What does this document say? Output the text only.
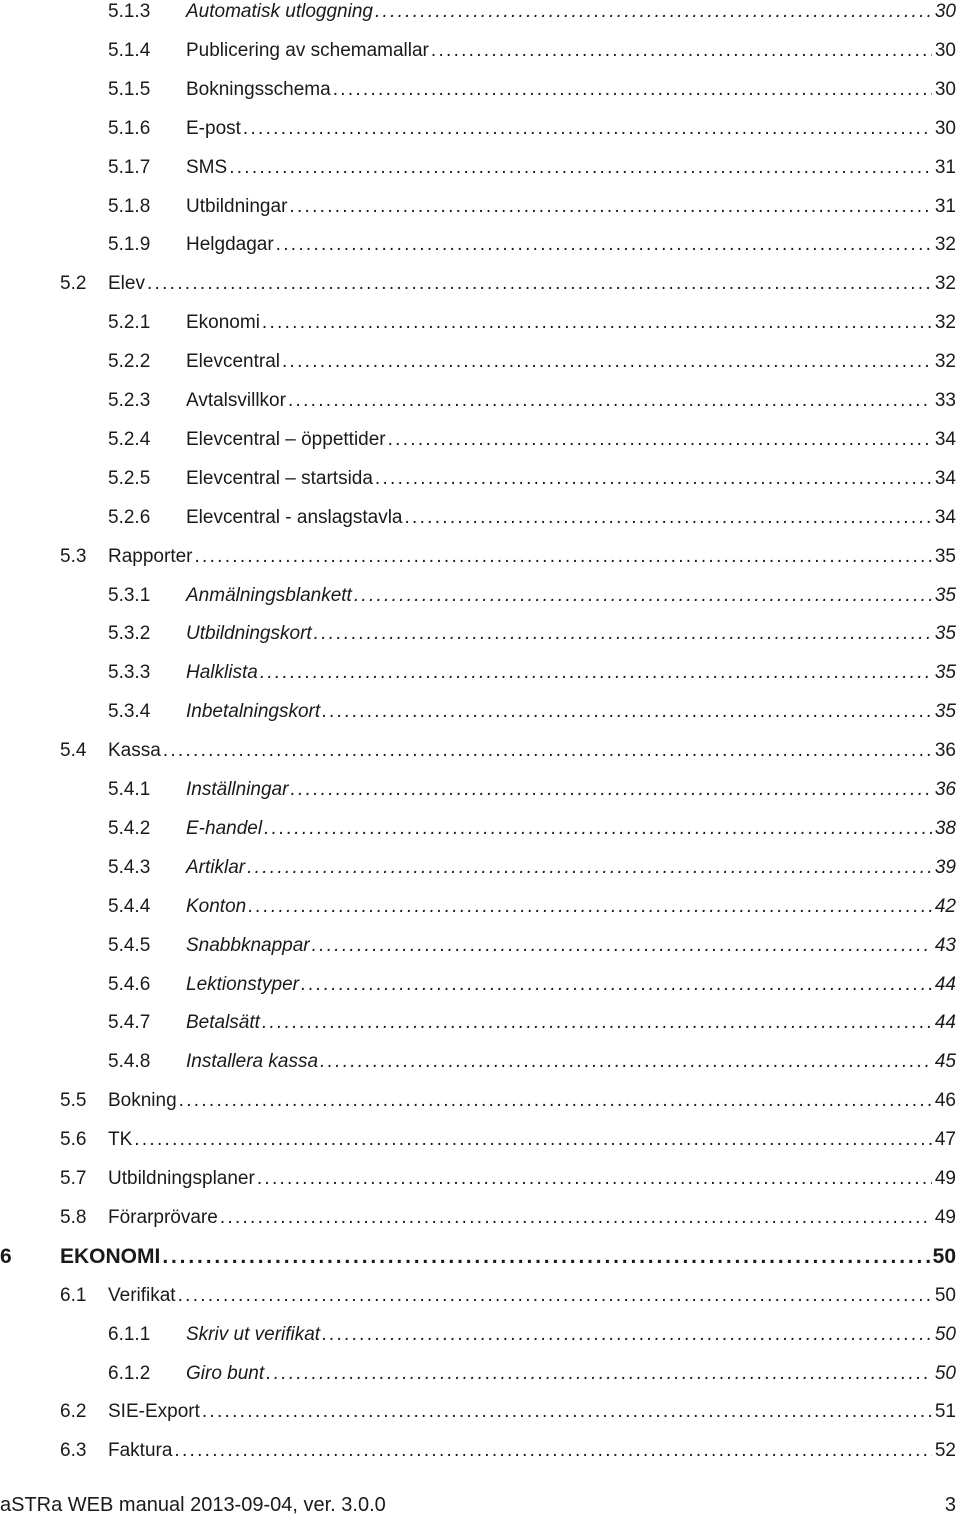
5.1.3 Automatisk utloggning . . .	30
5.1.4 Publicering av schemamallar . . .	30
5.1.5 Bokningsschema . . .	30
5.1.6 E-post . . .	30
5.1.7 SMS . . .	31
5.1.8 Utbildningar . . .	31
5.1.9 Helgdagar . . .	32
5.2 Elev . . .	32
5.2.1 Ekonomi . . .	32
5.2.2 Elevcentral . . .	32
5.2.3 Avtalsvillkor . . .	33
5.2.4 Elevcentral – öppettider . . .	34
5.2.5 Elevcentral – startsida . . .	34
5.2.6 Elevcentral - anslagstavla . . .	34
5.3 Rapporter . . .	35
5.3.1 Anmälningsblankett . . .	35
5.3.2 Utbildningskort . . .	35
5.3.3 Halklista . . .	35
5.3.4 Inbetalningskort . . .	35
5.4 Kassa . . .	36
5.4.1 Inställningar . . .	36
5.4.2 E-handel . . .	38
5.4.3 Artiklar . . .	39
5.4.4 Konton . . .	42
5.4.5 Snabbknappar . . .	43
5.4.6 Lektionstyper . . .	44
5.4.7 Betalsätt . . .	44
5.4.8 Installera kassa . . .	45
5.5 Bokning . . .	46
5.6 TK . . .	47
5.7 Utbildningsplaner . . .	49
5.8 Förarprövare . . .	49
6 EKONOMI . . .	50
6.1 Verifikat . . .	50
6.1.1 Skriv ut verifikat . . .	50
6.1.2 Giro bunt . . .	50
6.2 SIE-Export . . .	51
6.3 Faktura . . .	52
aSTRa WEB manual 2013-09-04, ver. 3.0.0	3
